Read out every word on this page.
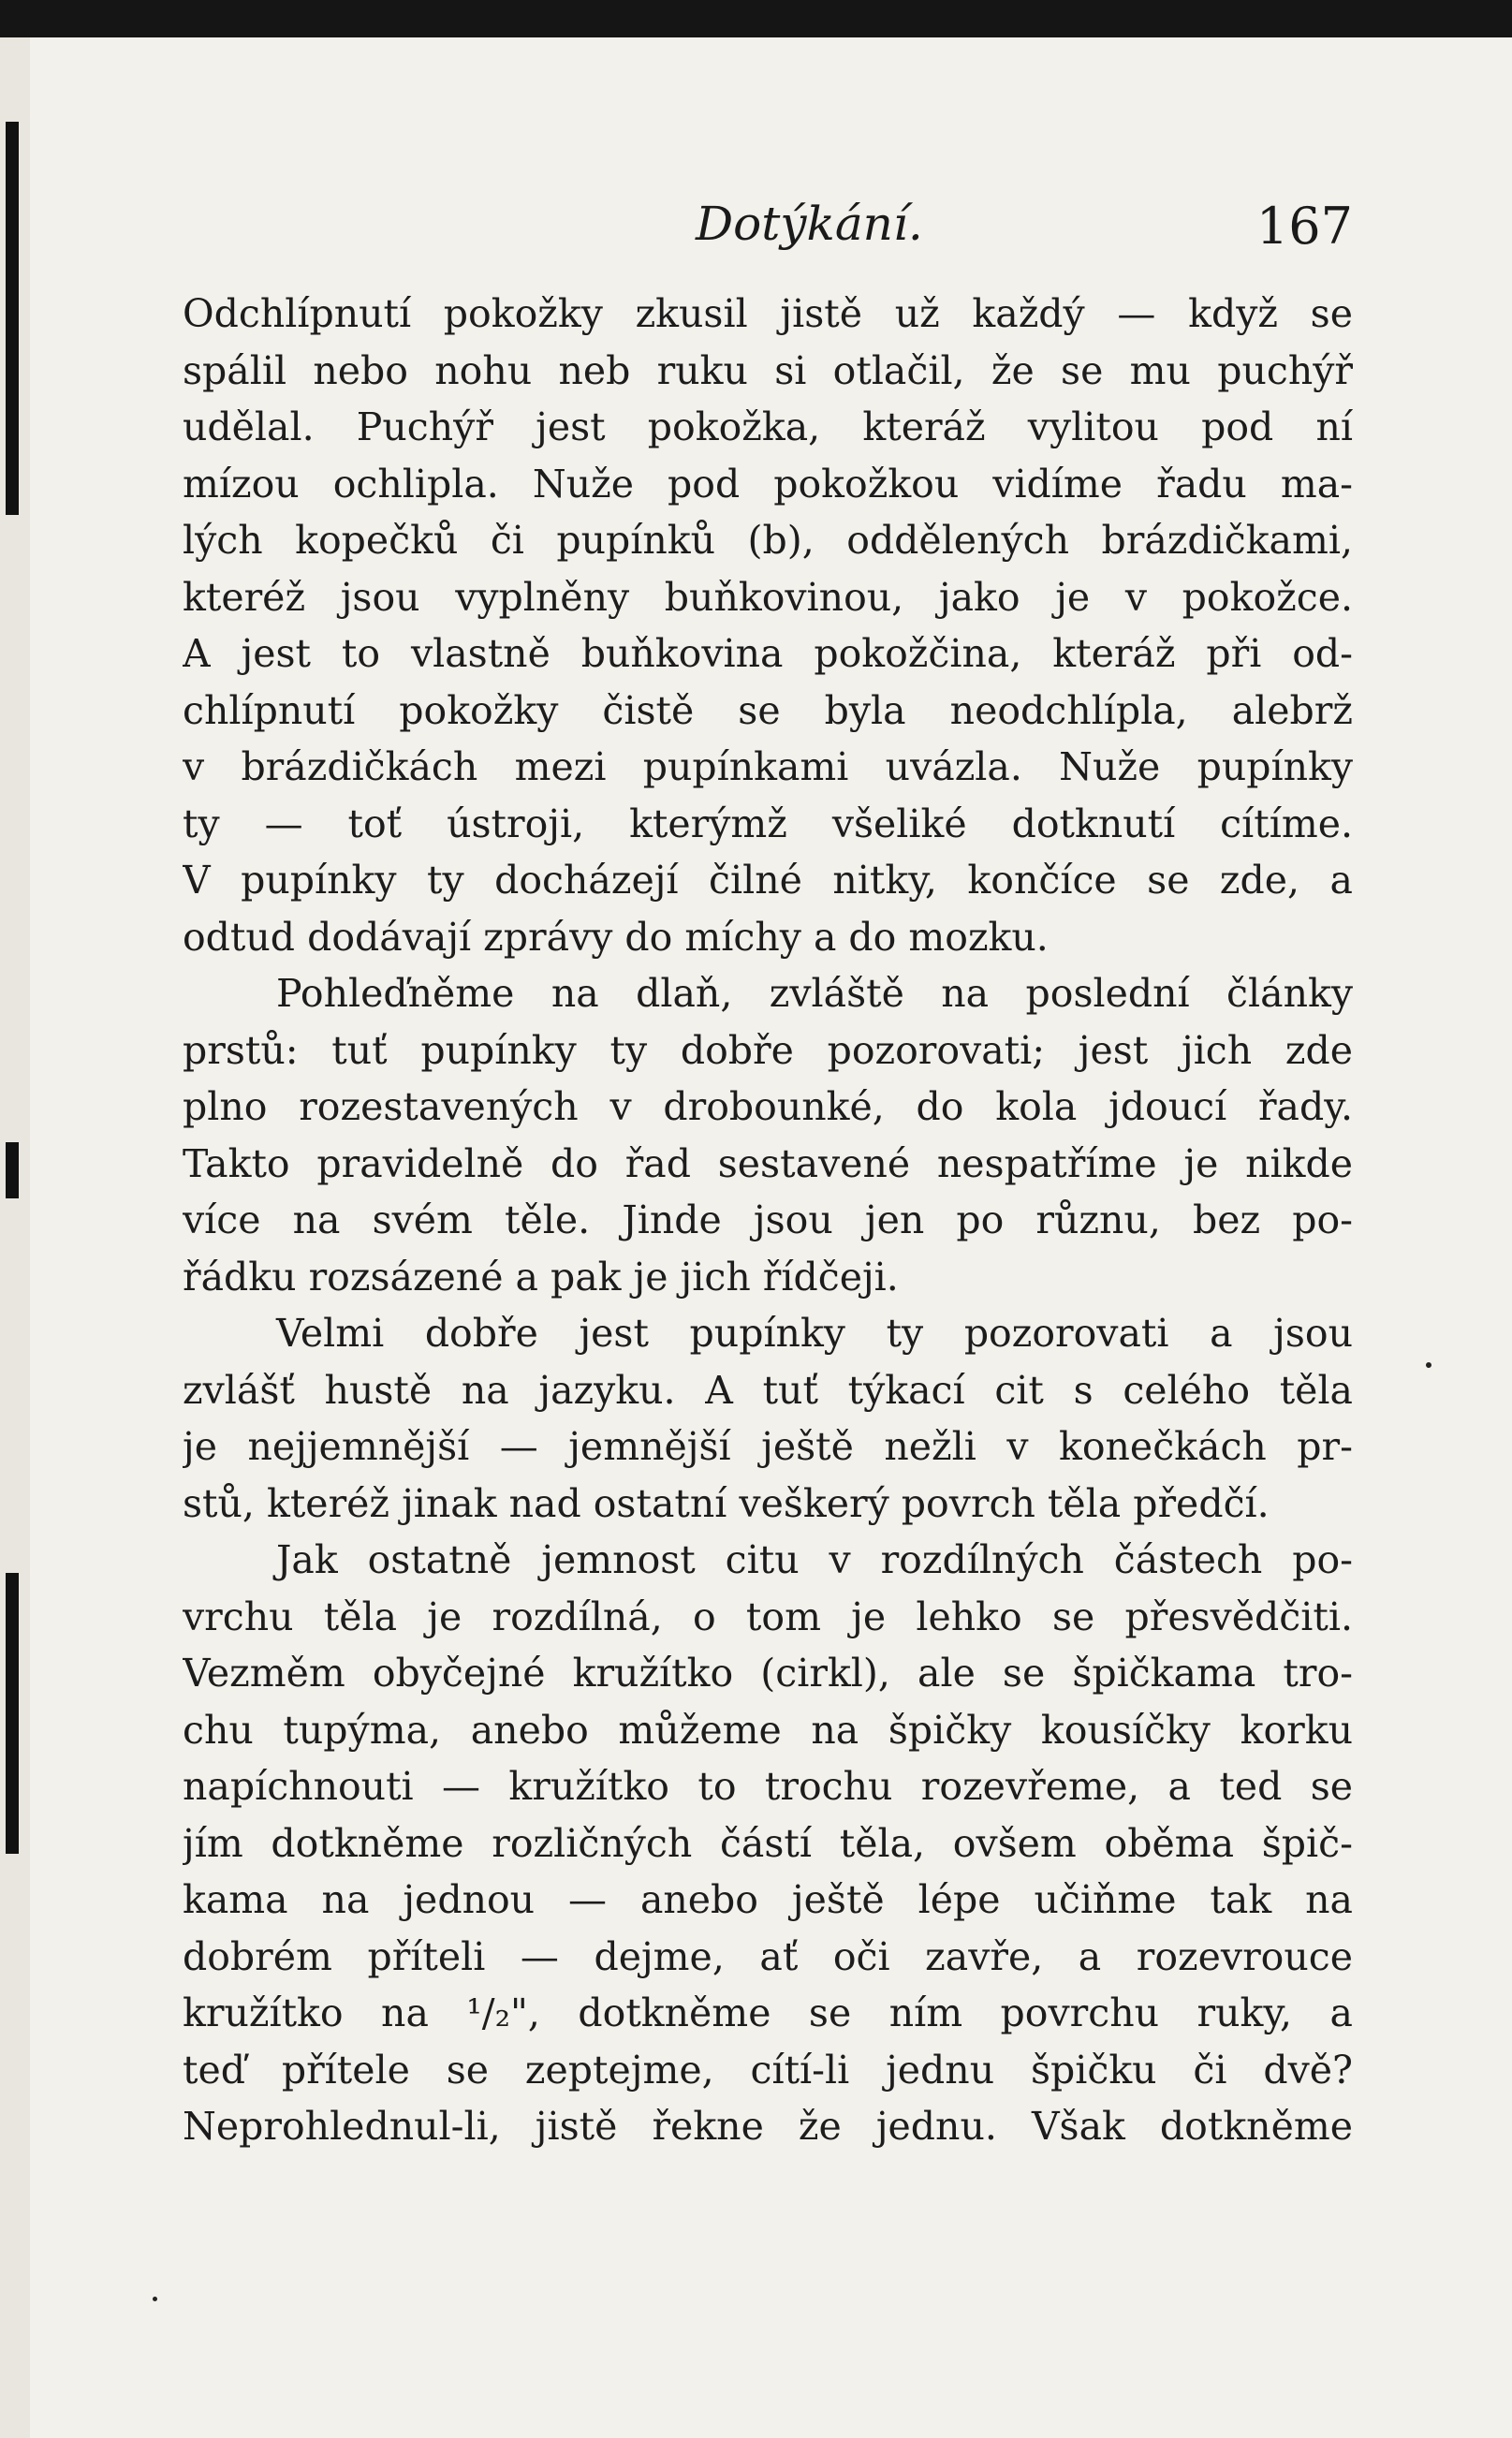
Dotýkání.	167
Odchlípnutí pokožky zkusil jistě už každý — když se
spálil nebo nohu neb ruku si otlačil, že se mu puchýř
udělal. Puchýř jest pokožka, kteráž vylitou pod ní
mízou ochlipla. Nuže pod pokožkou vidíme řadu ma-
lých kopečků či pupínků (b), oddělených brázdičkami,
kteréž jsou vyplněny buňkovinou, jako je v pokožce.
A jest to vlastně buňkovina pokožčina, kteráž při od-
chlípnutí pokožky čistě se byla neodchlípla, alebrž
v brázdičkách mezi pupínkami uvázla. Nuže pupínky
ty — toť ústroji, kterýmž všeliké dotknutí cítíme.
V pupínky ty docházejí čilné nitky, končíce se zde, a
odtud dodávají zprávy do míchy a do mozku.
Pohleďněme na dlaň, zvláště na poslední články
prstů: tuť pupínky ty dobře pozorovati; jest jich zde
plno rozestavených v drobounké, do kola jdoucí řady.
Takto pravidelně do řad sestavené nespatříme je nikde
více na svém těle. Jinde jsou jen po různu, bez po-
řádku rozsázené a pak je jich řídčeji.
Velmi dobře jest pupínky ty pozorovati a jsou
zvlášť hustě na jazyku. A tuť týkací cit s celého těla
je nejjemnější — jemnější ještě nežli v konečkách pr-
stů, kteréž jinak nad ostatní veškerý povrch těla předčí.
Jak ostatně jemnost citu v rozdílných částech po-
vrchu těla je rozdílná, o tom je lehko se přesvědčiti.
Vezměm obyčejné kružítko (cirkl), ale se špičkama tro-
chu tupýma, anebo můžeme na špičky kousíčky korku
napíchnouti — kružítko to trochu rozevřeme, a ted se
jím dotkněme rozličných částí těla, ovšem oběma špič-
kama na jednou — anebo ještě lépe učiňme tak na
dobrém příteli — dejme, ať oči zavře, a rozevrouce
kružítko na ¹/₂", dotkněme se ním povrchu ruky, a
teď přítele se zeptejme, cítí-li jednu špičku či dvě?
Neprohlednul-li, jistě řekne že jednu. Však dotkněme
